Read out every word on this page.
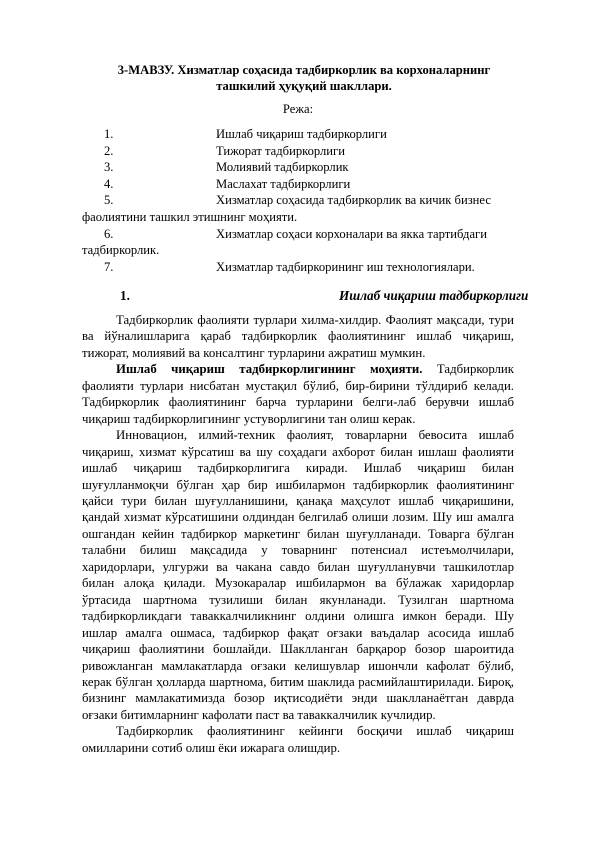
3-МАВЗУ. Хизматлар соҳасида тадбиркорлик ва корхоналарнинг ташкилий ҳуқуқий шакллари.
Режа:
1.	Ишлаб чиқариш тадбиркорлиги
2.	Тижорат тадбиркорлиги
3.	Молиявий тадбиркорлик
4.	Маслахат тадбиркорлиги
5.	Хизматлар соҳасида тадбиркорлик ва кичик бизнес
фаолиятини ташкил этишнинг моҳияти.
6.	Хизматлар соҳаси корхоналари ва якка тартибдаги
тадбиркорлик.
7.	Хизматлар тадбиркорининг иш технологиялари.
1.	Ишлаб чиқариш тадбиркорлиги

Тадбиркорлик фаолияти турлари хилма-хилдир. Фаолият мақсади, тури ва йўналишларига қараб тадбиркорлик фаолиятининг ишлаб чиқариш, тижорат, молиявий ва консалтинг турларини ажратиш мумкин.

Ишлаб чиқариш тадбиркорлигининг моҳияти. Тадбиркорлик фаолияти турлари нисбатан мустақил бўлиб, бир-бирини тўлдириб келади. Тадбиркорлик фаолиятининг барча турларини белги-лаб берувчи ишлаб чиқариш тадбиркорлигининг устуворлигини тан олиш керак.

Инновацион, илмий-техник фаолият, товарларни бевосита ишлаб чиқариш, хизмат кўрсатиш ва шу соҳадаги ахборот билан ишлаш фаолияти ишлаб чиқариш тадбиркорлигига киради. Ишлаб чиқариш билан шуғулланмоқчи бўлган ҳар бир ишбилармон тадбиркорлик фаолиятининг қайси тури билан шуғулланишини, қанақа маҳсулот ишлаб чиқаришини, қандай хизмат кўрсатишини олдиндан белгилаб олиши лозим. Шу иш амалга ошгандан кейин тадбиркор маркетинг билан шуғулланади. Товарга бўлган талабни билиш мақсадида у товарнинг потенсиал истеъмолчилари, харидорлари, улгуржи ва чакана савдо билан шуғулланувчи ташкилотлар билан алоқа қилади. Музокаралар ишбилармон ва бўлажак харидорлар ўртасида шартнома тузилиши билан якунланади. Тузилган шартнома тадбиркорликдаги таваккалчиликнинг олдини олишга имкон беради. Шу ишлар амалга ошмаса, тадбиркор фақат оғзаки ваъдалар асосида ишлаб чиқариш фаолиятини бошлайди. Шаклланган барқарор бозор шароитида ривожланган мамлакатларда оғзаки келишувлар ишончли кафолат бўлиб, керак бўлган ҳолларда шартнома, битим шаклида расмийлаштирилади. Бироқ, бизнинг мамлакатимизда бозор иқтисодиёти энди шаклланаётган даврда оғзаки битимларнинг кафолати паст ва таваккалчилик кучлидир.

Тадбиркорлик фаолиятининг кейинги босқичи ишлаб чиқариш омилларини сотиб олиш ёки ижарага олишдир.
